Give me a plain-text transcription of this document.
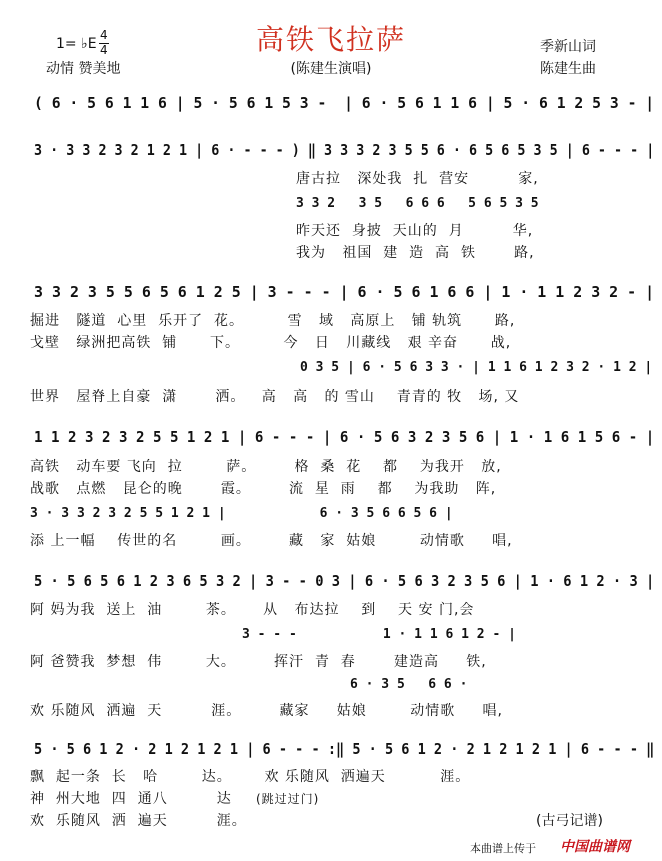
1= ♭E
4
4	高铁飞拉萨	季新山词
动情 赞美地	(陈建生演唱)	陈建生曲
( 6 · 5 6 1 1 6 | 5 · 5 6 1 5 3 -  | 6 · 5 6 1 1 6 | 5 · 6 1 2 5 3 - |
3 · 3 3 2 3 2 1 2 1 | 6 · - - - ) ‖ 3 3 3 2 3 5 5 6 · 6 5 6 5 3 5 | 6 - - - |
唐古拉   深处我  扎  营安         家,
3 3 2   3 5   6 6 6   5 6 5 3 5
昨天还  身披  天山的  月         华,
我为   祖国  建  造  高  铁       路,
3 3 2 3 5 5 6 5 6 1 2 5 | 3 - - - | 6 · 5 6 1 6 6 | 1 · 1 1 2 3 2 - |
掘进   隧道  心里  乐开了  花。        雪   域   高原上   铺 轨筑      路,
戈壁   绿洲把高铁  铺      下。        今   日   川藏线   艰 辛奋      战,
0 3 5 | 6 · 5 6 3 3 · | 1 1 6 1 2 3 2 · 1 2 |
世界   屋脊上自豪  潇       洒。   高   高   的 雪山    青青的 牧   场, 又
1 1 2 3 2 3 2 5 5 1 2 1 | 6 - - - | 6 · 5 6 3 2 3 5 6 | 1 · 1 6 1 5 6 - |
高铁   动车要 飞向  拉        萨。       格  桑  花    都    为我开   放,
战歌   点燃   昆仑的晚       霞。       流  星  雨    都    为我助   阵,
3 · 3 3 2 3 2 5 5 1 2 1 |            6 · 3 5 6 6 5 6 |
添 上一幅    传世的名        画。       藏   家  姑娘        动情歌     唱,
5 · 5 6 5 6 1 2 3 6 5 3 2 | 3 - - 0 3 | 6 · 5 6 3 2 3 5 6 | 1 · 6 1 2 · 3 |
阿 妈为我  送上  油        茶。     从   布达拉    到    天 安 门,会
3 - - -           1 · 1 1 6 1 2 - |
阿 爸赞我  梦想  伟        大。       挥汗  青  春       建造高     铁,
6 · 3 5   6 6 ·
欢 乐随风  洒遍  天         涯。       藏家     姑娘        动情歌     唱,
5 · 5 6 1 2 · 2 1 2 1 2 1 | 6 - - - :‖ 5 · 5 6 1 2 · 2 1 2 1 2 1 | 6 - - - ‖
飘  起一条  长   哈        达。      欢 乐随风  洒遍天          涯。
神  州大地  四  通八         达 (跳过过门)
欢  乐随风  洒  遍天         涯。	(古弓记谱)
本曲谱上传于 中国曲谱网
